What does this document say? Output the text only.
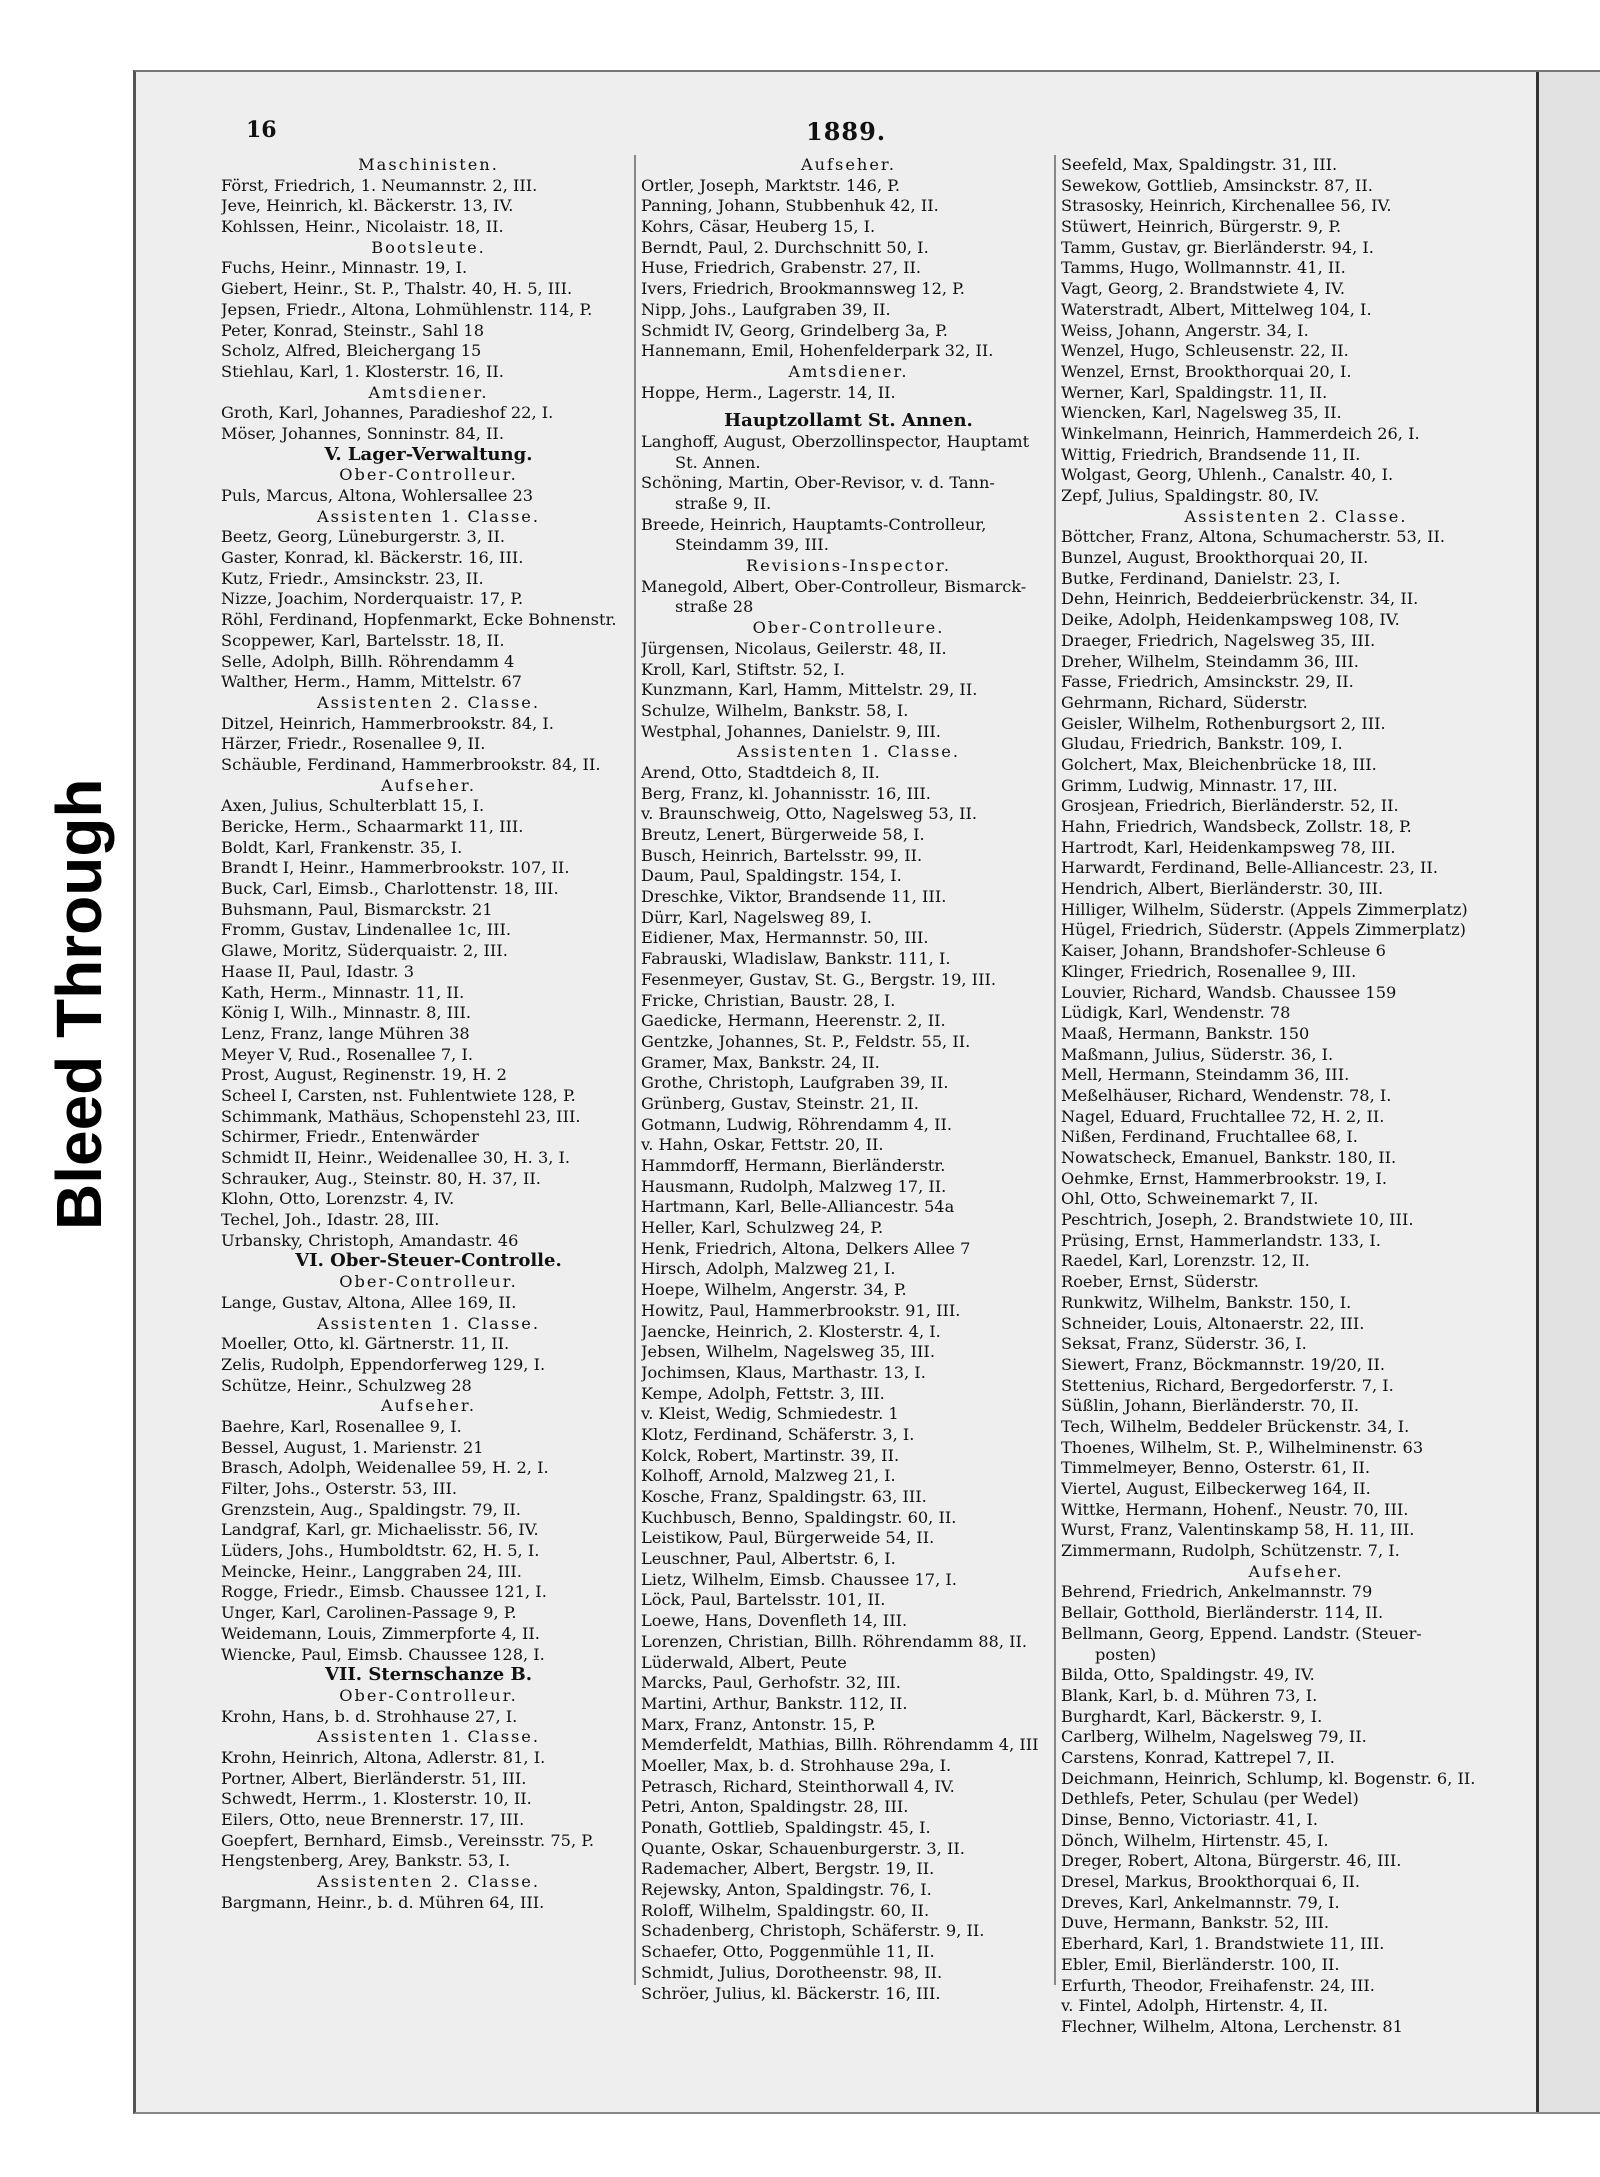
Bleed Through
16	1889.
Maschinisten.
Först, Friedrich, 1. Neumannstr. 2, III.
Jeve, Heinrich, kl. Bäckerstr. 13, IV.
Kohlssen, Heinr., Nicolaistr. 18, II.
Bootsleute.
Fuchs, Heinr., Minnastr. 19, I.
Giebert, Heinr., St. P., Thalstr. 40, H. 5, III.
Jepsen, Friedr., Altona, Lohmühlenstr. 114, P.
Peter, Konrad, Steinstr., Sahl 18
Scholz, Alfred, Bleichergang 15
Stiehlau, Karl, 1. Klosterstr. 16, II.
Amtsdiener.
Groth, Karl, Johannes, Paradieshof 22, I.
Möser, Johannes, Sonninstr. 84, II.
V. Lager-Verwaltung.
Ober-Controlleur.
Puls, Marcus, Altona, Wohlersallee 23
Assistenten 1. Classe.
Beetz, Georg, Lüneburgerstr. 3, II.
Gaster, Konrad, kl. Bäckerstr. 16, III.
Kutz, Friedr., Amsinckstr. 23, II.
Nizze, Joachim, Norderquaistr. 17, P.
Röhl, Ferdinand, Hopfenmarkt, Ecke Bohnenstr.
Scoppewer, Karl, Bartelsstr. 18, II.
Selle, Adolph, Billh. Röhrendamm 4
Walther, Herm., Hamm, Mittelstr. 67
Assistenten 2. Classe.
Ditzel, Heinrich, Hammerbrookstr. 84, I.
Härzer, Friedr., Rosenallee 9, II.
Schäuble, Ferdinand, Hammerbrookstr. 84, II.
Aufseher.
Axen, Julius, Schulterblatt 15, I.
Bericke, Herm., Schaarmarkt 11, III.
Boldt, Karl, Frankenstr. 35, I.
Brandt I, Heinr., Hammerbrookstr. 107, II.
Buck, Carl, Eimsb., Charlottenstr. 18, III.
Buhsmann, Paul, Bismarckstr. 21
Fromm, Gustav, Lindenallee 1c, III.
Glawe, Moritz, Süderquaistr. 2, III.
Haase II, Paul, Idastr. 3
Kath, Herm., Minnastr. 11, II.
König I, Wilh., Minnastr. 8, III.
Lenz, Franz, lange Mühren 38
Meyer V, Rud., Rosenallee 7, I.
Prost, August, Reginenstr. 19, H. 2
Scheel I, Carsten, nst. Fuhlentwiete 128, P.
Schimmank, Mathäus, Schopenstehl 23, III.
Schirmer, Friedr., Entenwärder
Schmidt II, Heinr., Weidenallee 30, H. 3, I.
Schrauker, Aug., Steinstr. 80, H. 37, II.
Klohn, Otto, Lorenzstr. 4, IV.
Techel, Joh., Idastr. 28, III.
Urbansky, Christoph, Amandastr. 46
VI. Ober-Steuer-Controlle.
Ober-Controlleur.
Lange, Gustav, Altona, Allee 169, II.
Assistenten 1. Classe.
Moeller, Otto, kl. Gärtnerstr. 11, II.
Zelis, Rudolph, Eppendorferweg 129, I.
Schütze, Heinr., Schulzweg 28
Aufseher.
Baehre, Karl, Rosenallee 9, I.
Bessel, August, 1. Marienstr. 21
Brasch, Adolph, Weidenallee 59, H. 2, I.
Filter, Johs., Osterstr. 53, III.
Grenzstein, Aug., Spaldingstr. 79, II.
Landgraf, Karl, gr. Michaelisstr. 56, IV.
Lüders, Johs., Humboldtstr. 62, H. 5, I.
Meincke, Heinr., Langgraben 24, III.
Rogge, Friedr., Eimsb. Chaussee 121, I.
Unger, Karl, Carolinen-Passage 9, P.
Weidemann, Louis, Zimmerpforte 4, II.
Wiencke, Paul, Eimsb. Chaussee 128, I.
VII. Sternschanze B.
Ober-Controlleur.
Krohn, Hans, b. d. Strohhause 27, I.
Assistenten 1. Classe.
Krohn, Heinrich, Altona, Adlerstr. 81, I.
Portner, Albert, Bierländerstr. 51, III.
Schwedt, Herrm., 1. Klosterstr. 10, II.
Eilers, Otto, neue Brennerstr. 17, III.
Goepfert, Bernhard, Eimsb., Vereinsstr. 75, P.
Hengstenberg, Arey, Bankstr. 53, I.
Assistenten 2. Classe.
Bargmann, Heinr., b. d. Mühren 64, III.
Aufseher.
Ortler, Joseph, Marktstr. 146, P.
Panning, Johann, Stubbenhuk 42, II.
Kohrs, Cäsar, Heuberg 15, I.
Berndt, Paul, 2. Durchschnitt 50, I.
Huse, Friedrich, Grabenstr. 27, II.
Ivers, Friedrich, Brookmannsweg 12, P.
Nipp, Johs., Laufgraben 39, II.
Schmidt IV, Georg, Grindelberg 3a, P.
Hannemann, Emil, Hohenfelderpark 32, II.
Amtsdiener.
Hoppe, Herm., Lagerstr. 14, II.
Hauptzollamt St. Annen.
Langhoff, August, Oberzollinspector, Hauptamt
St. Annen.
Schöning, Martin, Ober-Revisor, v. d. Tann-
straße 9, II.
Breede, Heinrich, Hauptamts-Controlleur,
Steindamm 39, III.
Revisions-Inspector.
Manegold, Albert, Ober-Controlleur, Bismarck-
straße 28
Ober-Controlleure.
Jürgensen, Nicolaus, Geilerstr. 48, II.
Kroll, Karl, Stiftstr. 52, I.
Kunzmann, Karl, Hamm, Mittelstr. 29, II.
Schulze, Wilhelm, Bankstr. 58, I.
Westphal, Johannes, Danielstr. 9, III.
Assistenten 1. Classe.
Arend, Otto, Stadtdeich 8, II.
Berg, Franz, kl. Johannisstr. 16, III.
v. Braunschweig, Otto, Nagelsweg 53, II.
Breutz, Lenert, Bürgerweide 58, I.
Busch, Heinrich, Bartelsstr. 99, II.
Daum, Paul, Spaldingstr. 154, I.
Dreschke, Viktor, Brandsende 11, III.
Dürr, Karl, Nagelsweg 89, I.
Eidiener, Max, Hermannstr. 50, III.
Fabrauski, Wladislaw, Bankstr. 111, I.
Fesenmeyer, Gustav, St. G., Bergstr. 19, III.
Fricke, Christian, Baustr. 28, I.
Gaedicke, Hermann, Heerenstr. 2, II.
Gentzke, Johannes, St. P., Feldstr. 55, II.
Gramer, Max, Bankstr. 24, II.
Grothe, Christoph, Laufgraben 39, II.
Grünberg, Gustav, Steinstr. 21, II.
Gotmann, Ludwig, Röhrendamm 4, II.
v. Hahn, Oskar, Fettstr. 20, II.
Hammdorff, Hermann, Bierländerstr.
Hausmann, Rudolph, Malzweg 17, II.
Hartmann, Karl, Belle-Alliancestr. 54a
Heller, Karl, Schulzweg 24, P.
Henk, Friedrich, Altona, Delkers Allee 7
Hirsch, Adolph, Malzweg 21, I.
Hoepe, Wilhelm, Angerstr. 34, P.
Howitz, Paul, Hammerbrookstr. 91, III.
Jaencke, Heinrich, 2. Klosterstr. 4, I.
Jebsen, Wilhelm, Nagelsweg 35, III.
Jochimsen, Klaus, Marthastr. 13, I.
Kempe, Adolph, Fettstr. 3, III.
v. Kleist, Wedig, Schmiedestr. 1
Klotz, Ferdinand, Schäferstr. 3, I.
Kolck, Robert, Martinstr. 39, II.
Kolhoff, Arnold, Malzweg 21, I.
Kosche, Franz, Spaldingstr. 63, III.
Kuchbusch, Benno, Spaldingstr. 60, II.
Leistikow, Paul, Bürgerweide 54, II.
Leuschner, Paul, Albertstr. 6, I.
Lietz, Wilhelm, Eimsb. Chaussee 17, I.
Löck, Paul, Bartelsstr. 101, II.
Loewe, Hans, Dovenfleth 14, III.
Lorenzen, Christian, Billh. Röhrendamm 88, II.
Lüderwald, Albert, Peute
Marcks, Paul, Gerhofstr. 32, III.
Martini, Arthur, Bankstr. 112, II.
Marx, Franz, Antonstr. 15, P.
Memderfeldt, Mathias, Billh. Röhrendamm 4, III
Moeller, Max, b. d. Strohhause 29a, I.
Petrasch, Richard, Steinthorwall 4, IV.
Petri, Anton, Spaldingstr. 28, III.
Ponath, Gottlieb, Spaldingstr. 45, I.
Quante, Oskar, Schauenburgerstr. 3, II.
Rademacher, Albert, Bergstr. 19, II.
Rejewsky, Anton, Spaldingstr. 76, I.
Roloff, Wilhelm, Spaldingstr. 60, II.
Schadenberg, Christoph, Schäferstr. 9, II.
Schaefer, Otto, Poggenmühle 11, II.
Schmidt, Julius, Dorotheenstr. 98, II.
Schröer, Julius, kl. Bäckerstr. 16, III.
Seefeld, Max, Spaldingstr. 31, III.
Sewekow, Gottlieb, Amsinckstr. 87, II.
Strasosky, Heinrich, Kirchenallee 56, IV.
Stüwert, Heinrich, Bürgerstr. 9, P.
Tamm, Gustav, gr. Bierländerstr. 94, I.
Tamms, Hugo, Wollmannstr. 41, II.
Vagt, Georg, 2. Brandstwiete 4, IV.
Waterstradt, Albert, Mittelweg 104, I.
Weiss, Johann, Angerstr. 34, I.
Wenzel, Hugo, Schleusenstr. 22, II.
Wenzel, Ernst, Brookthorquai 20, I.
Werner, Karl, Spaldingstr. 11, II.
Wiencken, Karl, Nagelsweg 35, II.
Winkelmann, Heinrich, Hammerdeich 26, I.
Wittig, Friedrich, Brandsende 11, II.
Wolgast, Georg, Uhlenh., Canalstr. 40, I.
Zepf, Julius, Spaldingstr. 80, IV.
Assistenten 2. Classe.
Böttcher, Franz, Altona, Schumacherstr. 53, II.
Bunzel, August, Brookthorquai 20, II.
Butke, Ferdinand, Danielstr. 23, I.
Dehn, Heinrich, Beddeierbrückenstr. 34, II.
Deike, Adolph, Heidenkampsweg 108, IV.
Draeger, Friedrich, Nagelsweg 35, III.
Dreher, Wilhelm, Steindamm 36, III.
Fasse, Friedrich, Amsinckstr. 29, II.
Gehrmann, Richard, Süderstr.
Geisler, Wilhelm, Rothenburgsort 2, III.
Gludau, Friedrich, Bankstr. 109, I.
Golchert, Max, Bleichenbrücke 18, III.
Grimm, Ludwig, Minnastr. 17, III.
Grosjean, Friedrich, Bierländerstr. 52, II.
Hahn, Friedrich, Wandsbeck, Zollstr. 18, P.
Hartrodt, Karl, Heidenkampsweg 78, III.
Harwardt, Ferdinand, Belle-Alliancestr. 23, II.
Hendrich, Albert, Bierländerstr. 30, III.
Hilliger, Wilhelm, Süderstr. (Appels Zimmerplatz)
Hügel, Friedrich, Süderstr. (Appels Zimmerplatz)
Kaiser, Johann, Brandshofer-Schleuse 6
Klinger, Friedrich, Rosenallee 9, III.
Louvier, Richard, Wandsb. Chaussee 159
Lüdigk, Karl, Wendenstr. 78
Maaß, Hermann, Bankstr. 150
Maßmann, Julius, Süderstr. 36, I.
Mell, Hermann, Steindamm 36, III.
Meßelhäuser, Richard, Wendenstr. 78, I.
Nagel, Eduard, Fruchtallee 72, H. 2, II.
Nißen, Ferdinand, Fruchtallee 68, I.
Nowatscheck, Emanuel, Bankstr. 180, II.
Oehmke, Ernst, Hammerbrookstr. 19, I.
Ohl, Otto, Schweinemarkt 7, II.
Peschtrich, Joseph, 2. Brandstwiete 10, III.
Prüsing, Ernst, Hammerlandstr. 133, I.
Raedel, Karl, Lorenzstr. 12, II.
Roeber, Ernst, Süderstr.
Runkwitz, Wilhelm, Bankstr. 150, I.
Schneider, Louis, Altonaerstr. 22, III.
Seksat, Franz, Süderstr. 36, I.
Siewert, Franz, Böckmannstr. 19/20, II.
Stettenius, Richard, Bergedorferstr. 7, I.
Süßlin, Johann, Bierländerstr. 70, II.
Tech, Wilhelm, Beddeler Brückenstr. 34, I.
Thoenes, Wilhelm, St. P., Wilhelminenstr. 63
Timmelmeyer, Benno, Osterstr. 61, II.
Viertel, August, Eilbeckerweg 164, II.
Wittke, Hermann, Hohenf., Neustr. 70, III.
Wurst, Franz, Valentinskamp 58, H. 11, III.
Zimmermann, Rudolph, Schützenstr. 7, I.
Aufseher.
Behrend, Friedrich, Ankelmannstr. 79
Bellair, Gotthold, Bierländerstr. 114, II.
Bellmann, Georg, Eppend. Landstr. (Steuer-
posten)
Bilda, Otto, Spaldingstr. 49, IV.
Blank, Karl, b. d. Mühren 73, I.
Burghardt, Karl, Bäckerstr. 9, I.
Carlberg, Wilhelm, Nagelsweg 79, II.
Carstens, Konrad, Kattrepel 7, II.
Deichmann, Heinrich, Schlump, kl. Bogenstr. 6, II.
Dethlefs, Peter, Schulau (per Wedel)
Dinse, Benno, Victoriastr. 41, I.
Dönch, Wilhelm, Hirtenstr. 45, I.
Dreger, Robert, Altona, Bürgerstr. 46, III.
Dresel, Markus, Brookthorquai 6, II.
Dreves, Karl, Ankelmannstr. 79, I.
Duve, Hermann, Bankstr. 52, III.
Eberhard, Karl, 1. Brandstwiete 11, III.
Ebler, Emil, Bierländerstr. 100, II.
Erfurth, Theodor, Freihafenstr. 24, III.
v. Fintel, Adolph, Hirtenstr. 4, II.
Flechner, Wilhelm, Altona, Lerchenstr. 81
